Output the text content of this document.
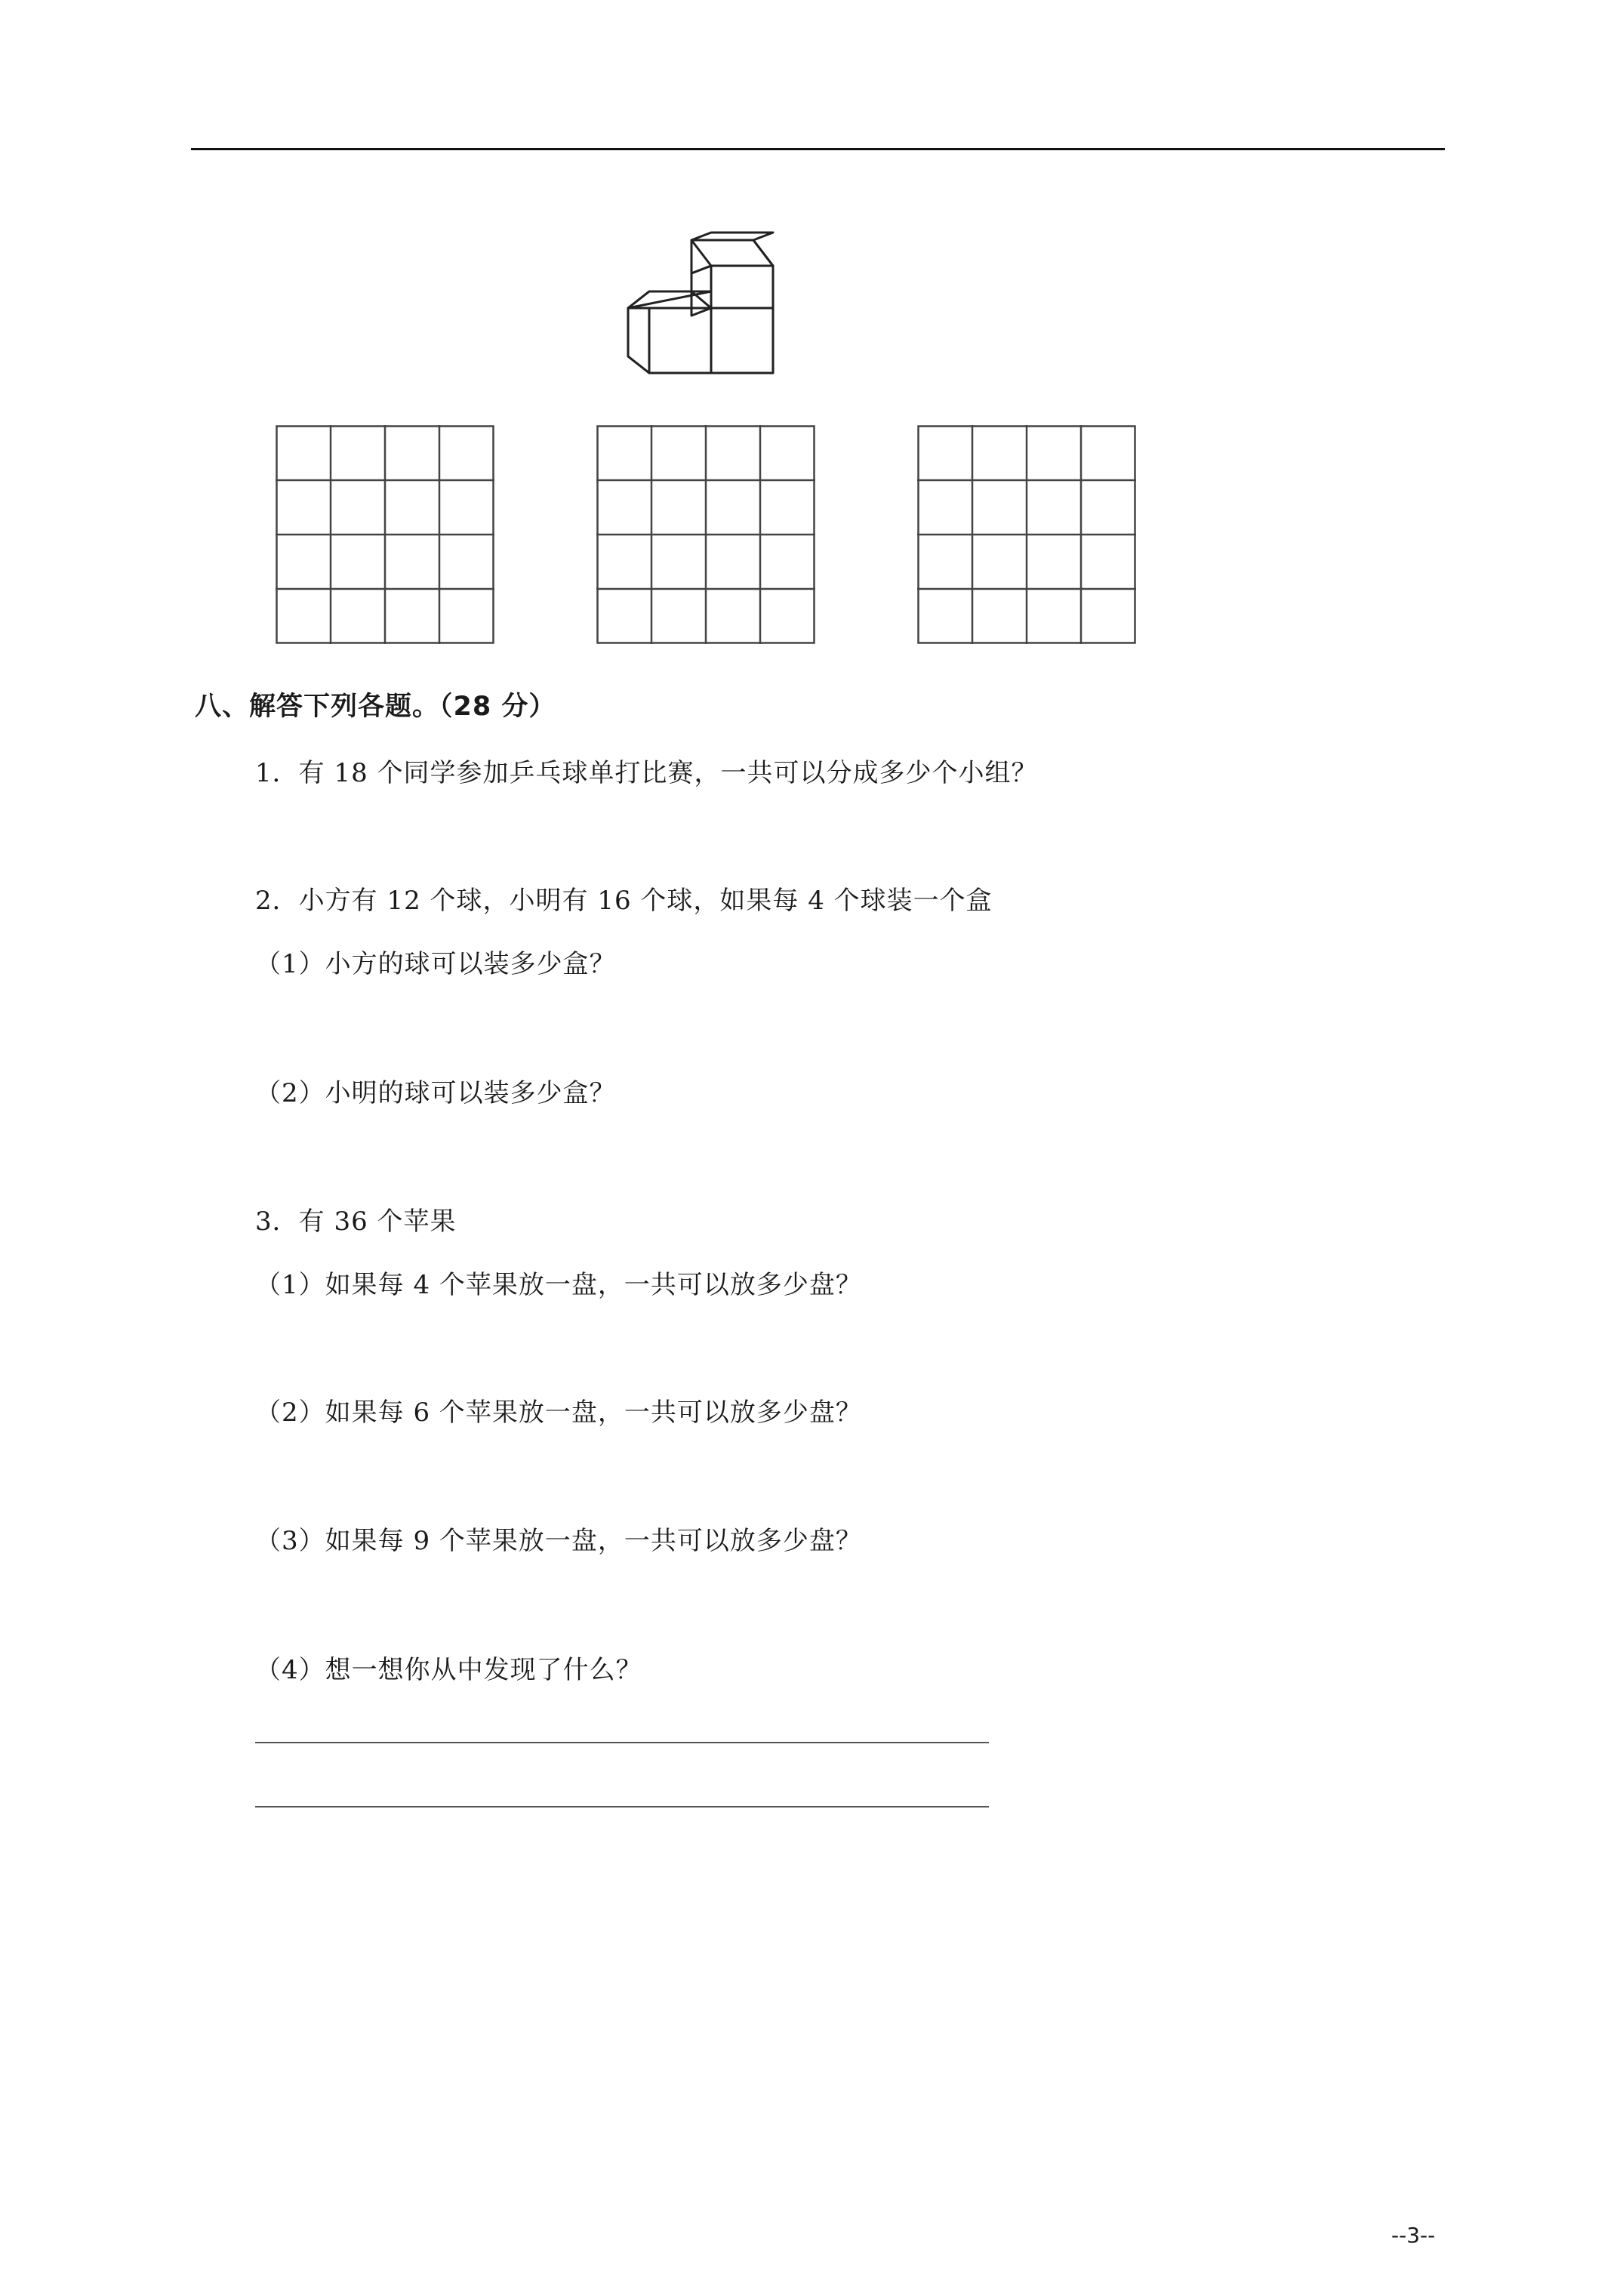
八、解答下列各题。（28 分）
1．有 18 个同学参加乒乓球单打比赛，一共可以分成多少个小组？
2．小方有 12 个球，小明有 16 个球，如果每 4 个球装一个盒
（1）小方的球可以装多少盒？
（2）小明的球可以装多少盒？
3．有 36 个苹果
（1）如果每 4 个苹果放一盘，一共可以放多少盘？
（2）如果每 6 个苹果放一盘，一共可以放多少盘？
（3）如果每 9 个苹果放一盘，一共可以放多少盘？
（4）想一想你从中发现了什么？
--3--
